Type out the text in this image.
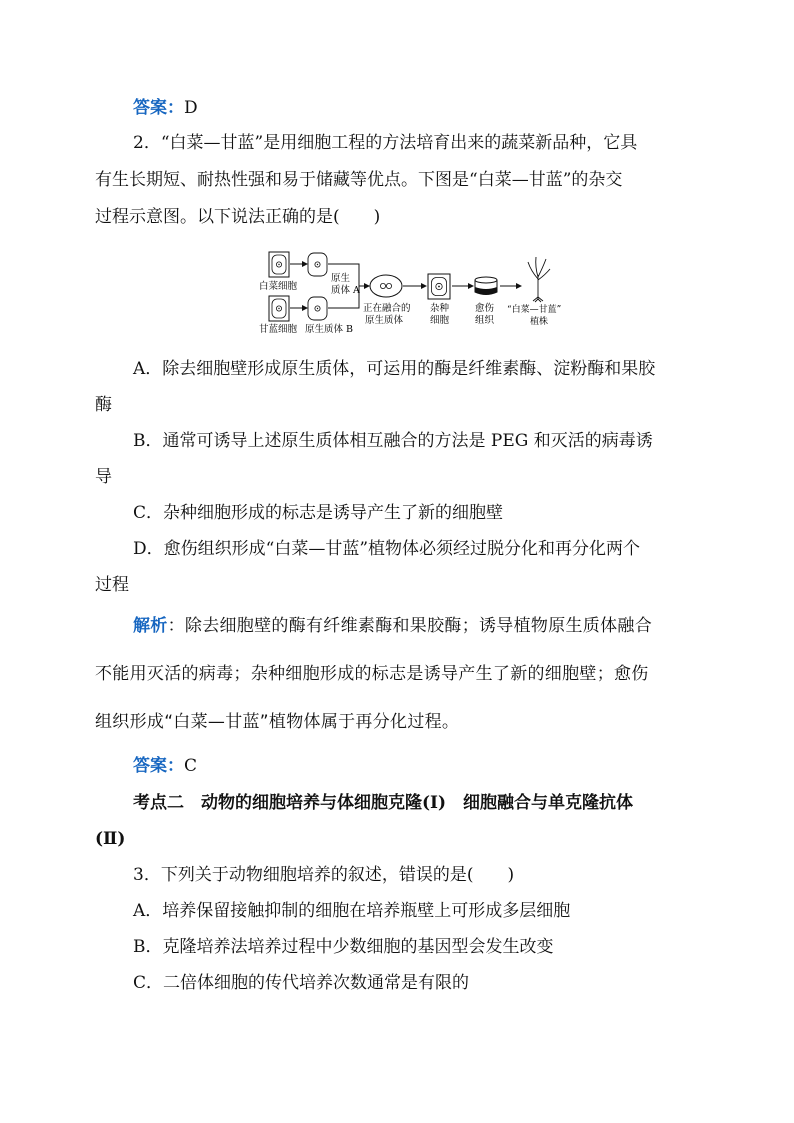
答案：D
2．“白菜—甘蓝”是用细胞工程的方法培育出来的蔬菜新品种，它具
有生长期短、耐热性强和易于储藏等优点。下图是“白菜—甘蓝”的杂交
过程示意图。以下说法正确的是(　　)
白菜细胞
原生
质体 A
甘蓝细胞 原生质体 B
正在融合的
原生质体
杂种
细胞
愈伤
组织
“白菜—甘蓝”
植株
A．除去细胞壁形成原生质体，可运用的酶是纤维素酶、淀粉酶和果胶
酶
B．通常可诱导上述原生质体相互融合的方法是 PEG 和灭活的病毒诱
导
C．杂种细胞形成的标志是诱导产生了新的细胞壁
D．愈伤组织形成“白菜—甘蓝”植物体必须经过脱分化和再分化两个
过程
解析：除去细胞壁的酶有纤维素酶和果胶酶；诱导植物原生质体融合
不能用灭活的病毒；杂种细胞形成的标志是诱导产生了新的细胞壁；愈伤
组织形成“白菜—甘蓝”植物体属于再分化过程。
答案：C
考点二　动物的细胞培养与体细胞克隆(Ⅰ)　细胞融合与单克隆抗体
(Ⅱ)
3．下列关于动物细胞培养的叙述，错误的是(　　)
A．培养保留接触抑制的细胞在培养瓶壁上可形成多层细胞
B．克隆培养法培养过程中少数细胞的基因型会发生改变
C．二倍体细胞的传代培养次数通常是有限的
